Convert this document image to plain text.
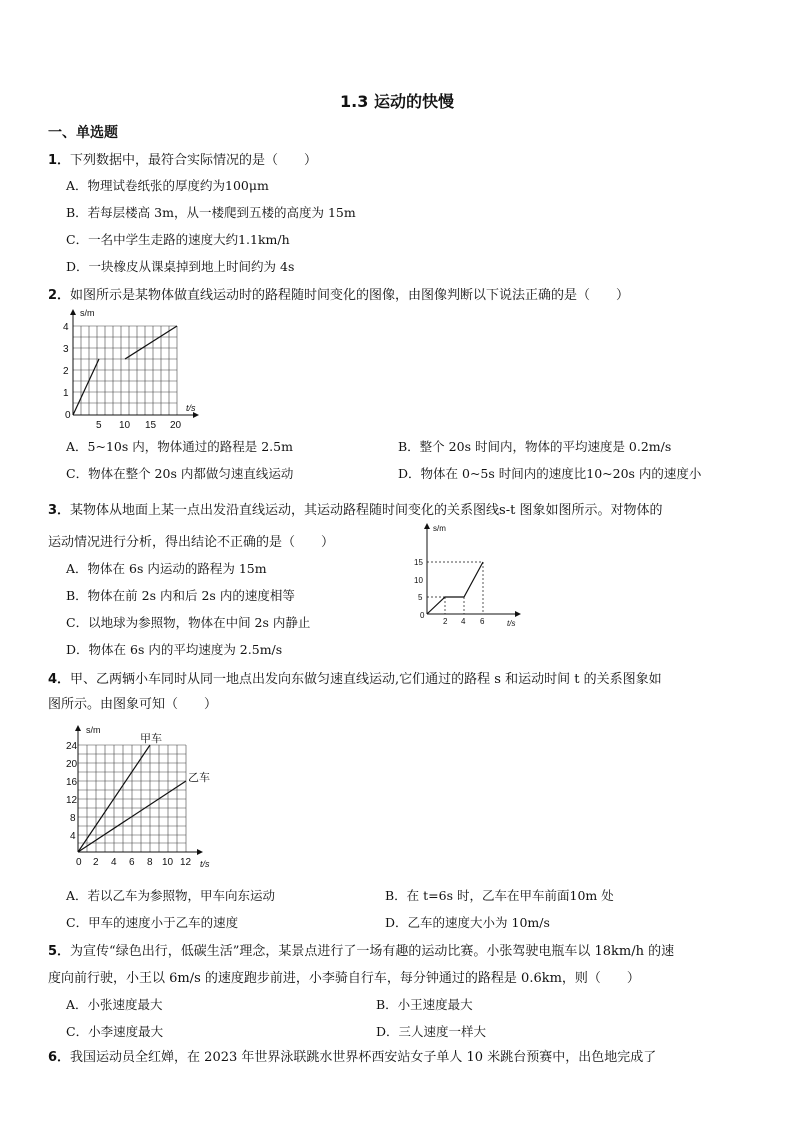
1.3 运动的快慢
一、单选题
1．下列数据中，最符合实际情况的是（　　）
A．物理试卷纸张的厚度约为100μm
B．若每层楼高 3m，从一楼爬到五楼的高度为 15m
C．一名中学生走路的速度大约1.1km/h
D．一块橡皮从课桌掉到地上时间约为 4s
2．如图所示是某物体做直线运动时的路程随时间变化的图像，由图像判断以下说法正确的是（　　）
s/m
t/s
1
2
3
4
0
5 10 15 20
A．5~10s 内，物体通过的路程是 2.5m	B．整个 20s 时间内，物体的平均速度是 0.2m/s
C．物体在整个 20s 内都做匀速直线运动	D．物体在 0~5s 时间内的速度比10~20s 内的速度小
3．某物体从地面上某一点出发沿直线运动，其运动路程随时间变化的关系图线s-t 图象如图所示。对物体的
运动情况进行分析，得出结论不正确的是（　　）
A．物体在 6s 内运动的路程为 15m
B．物体在前 2s 内和后 2s 内的速度相等
C．以地球为参照物，物体在中间 2s 内静止
D．物体在 6s 内的平均速度为 2.5m/s
s/m
t/s
5
10
15
0
2 4 6
4．甲、乙两辆小车同时从同一地点出发向东做匀速直线运动,它们通过的路程 s 和运动时间 t 的关系图象如
图所示。由图象可知（　　）
甲车
乙车
s/m
t/s
4
8
12
16
20
24
0 2 4 6 8 10 12
A．若以乙车为参照物，甲车向东运动	B．在 t=6s 时，乙车在甲车前面10m 处
C．甲车的速度小于乙车的速度	D．乙车的速度大小为 10m/s
5．为宣传“绿色出行，低碳生活”理念，某景点进行了一场有趣的运动比赛。小张驾驶电瓶车以 18km/h 的速
度向前行驶，小王以 6m/s 的速度跑步前进，小李骑自行车，每分钟通过的路程是 0.6km，则（　　）
A．小张速度最大	B．小王速度最大
C．小李速度最大	D．三人速度一样大
6．我国运动员全红婵，在 2023 年世界泳联跳水世界杯西安站女子单人 10 米跳台预赛中，出色地完成了
